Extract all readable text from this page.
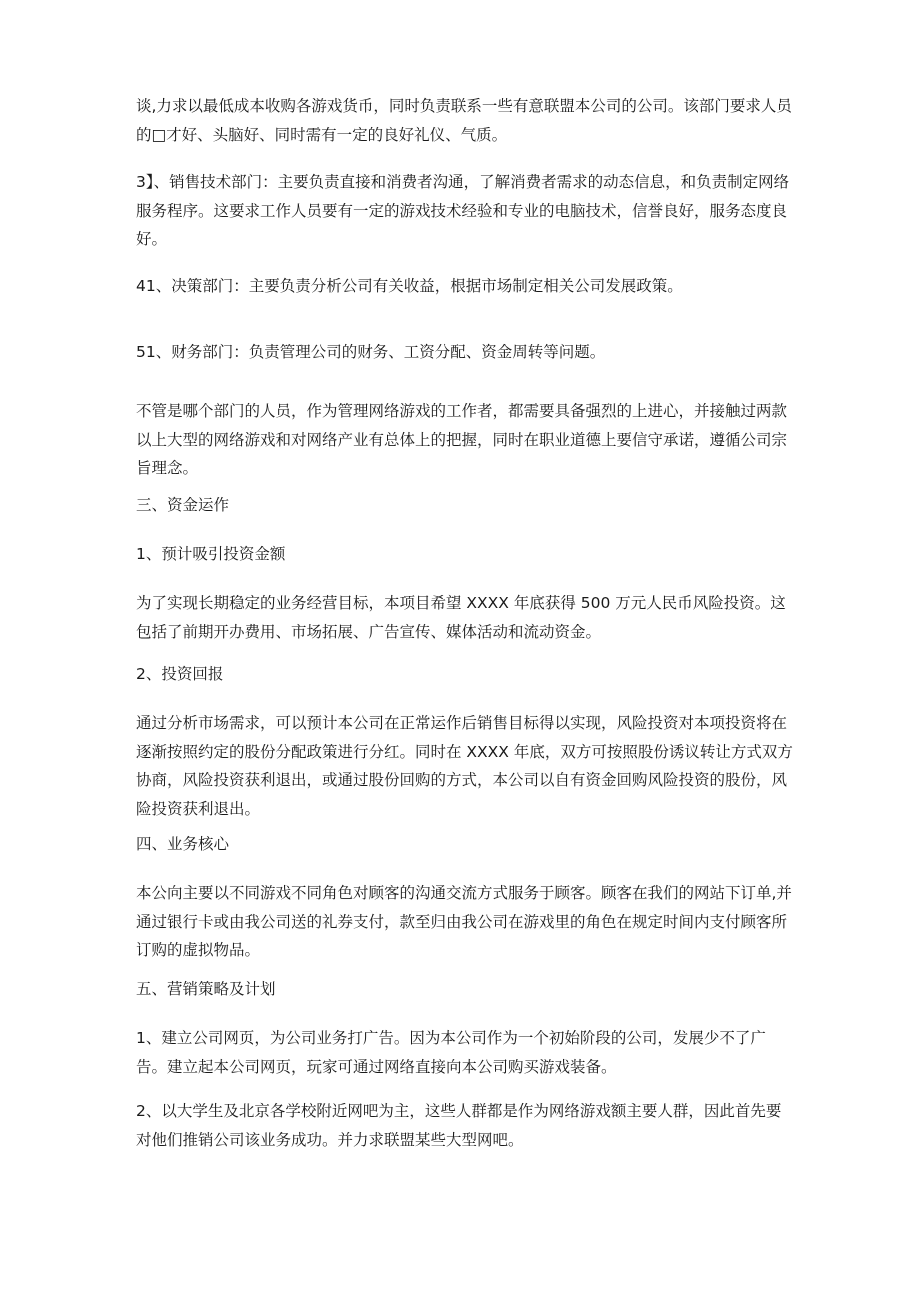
谈,力求以最低成本收购各游戏货币，同时负责联系一些有意联盟本公司的公司。该部门要求人员的□才好、头脑好、同时需有一定的良好礼仪、气质。

3】、销售技术部门：主要负责直接和消费者沟通，了解消费者需求的动态信息，和负责制定网络服务程序。这要求工作人员要有一定的游戏技术经验和专业的电脑技术，信誉良好，服务态度良好。

41、决策部门：主要负责分析公司有关收益，根据市场制定相关公司发展政策。

51、财务部门：负责管理公司的财务、工资分配、资金周转等问题。

不管是哪个部门的人员，作为管理网络游戏的工作者，都需要具备强烈的上进心，并接触过两款以上大型的网络游戏和对网络产业有总体上的把握，同时在职业道德上要信守承诺，遵循公司宗旨理念。

三、资金运作

1、预计吸引投资金额

为了实现长期稳定的业务经营目标，本项目希望 XXXX 年底获得 500 万元人民币风险投资。这包括了前期开办费用、市场拓展、广告宣传、媒体活动和流动资金。

2、投资回报

通过分析市场需求，可以预计本公司在正常运作后销售目标得以实现，风险投资对本项投资将在逐渐按照约定的股份分配政策进行分红。同时在 XXXX 年底，双方可按照股份诱议转让方式双方协商，风险投资获利退出，或通过股份回购的方式，本公司以自有资金回购风险投资的股份，风险投资获利退出。

四、业务核心

本公向主要以不同游戏不同角色对顾客的沟通交流方式服务于顾客。顾客在我们的网站下订单,并通过银行卡或由我公司送的礼券支付，款至归由我公司在游戏里的角色在规定时间内支付顾客所订购的虚拟物品。

五、营销策略及计划

1、建立公司网页，为公司业务打广告。因为本公司作为一个初始阶段的公司，发展少不了广告。建立起本公司网页，玩家可通过网络直接向本公司购买游戏装备。

2、以大学生及北京各学校附近网吧为主，这些人群都是作为网络游戏额主要人群，因此首先要对他们推销公司该业务成功。并力求联盟某些大型网吧。
